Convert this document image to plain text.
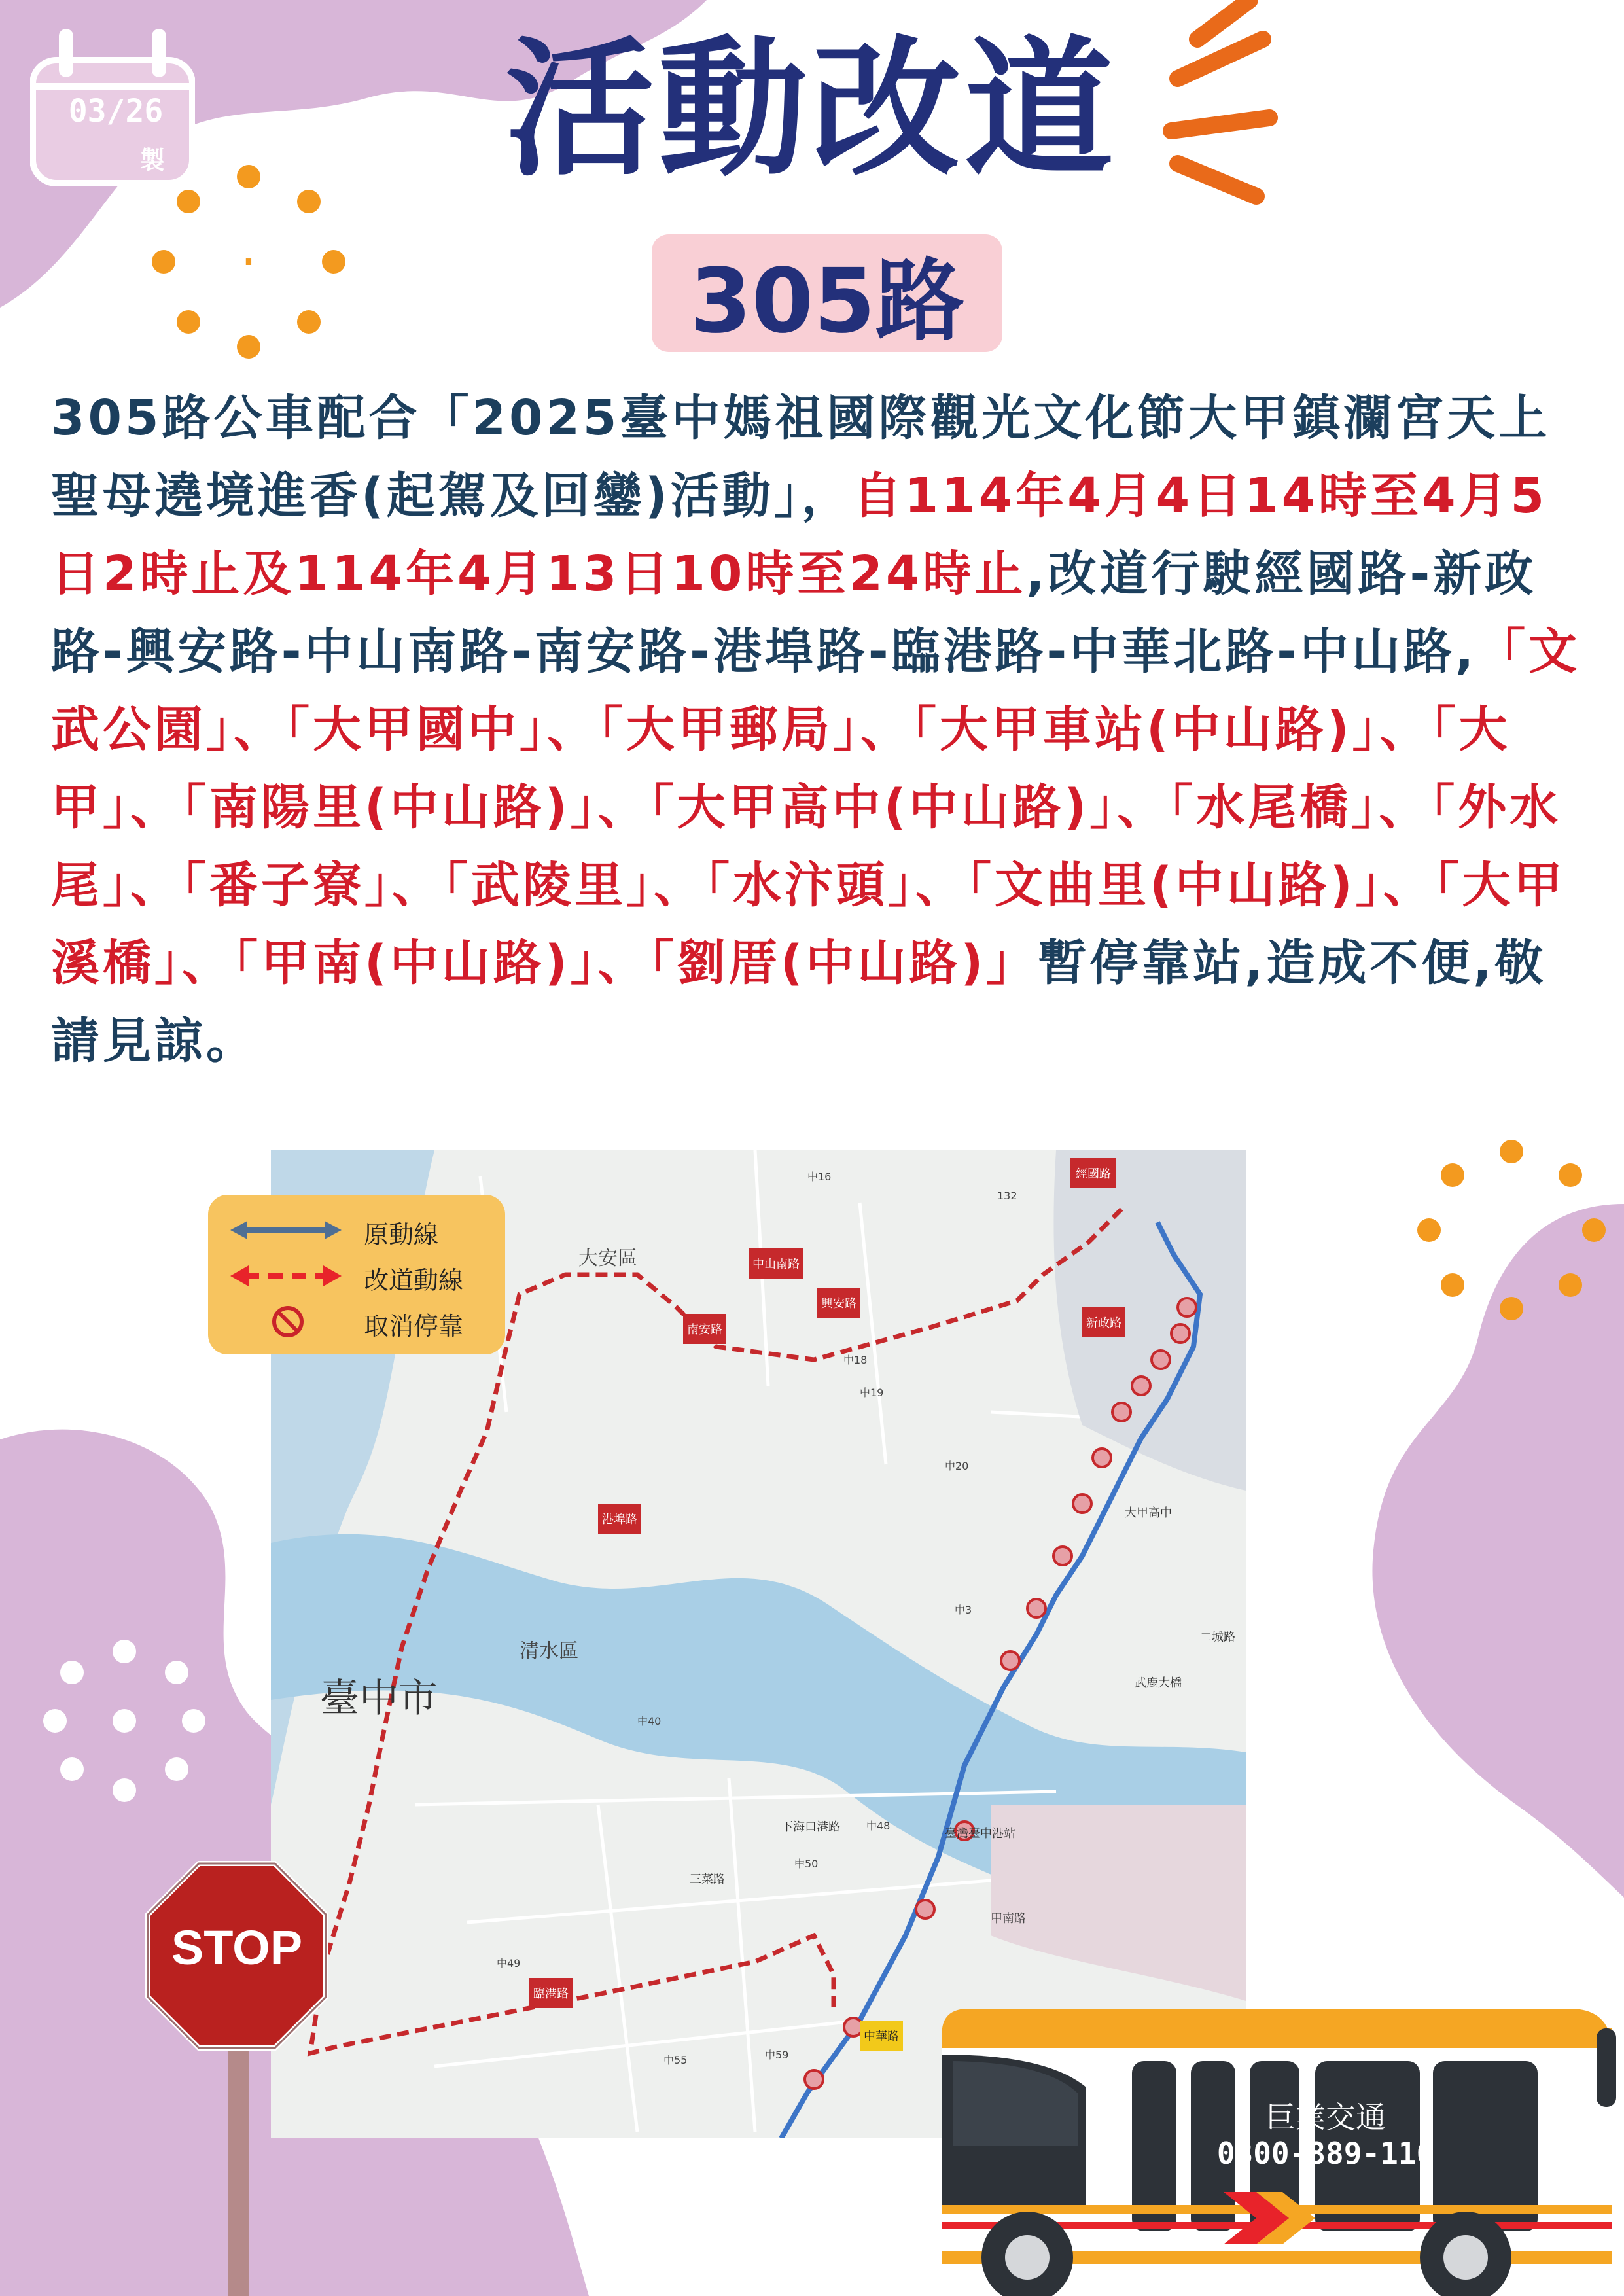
03/26
製
·
活動改道
305路
305路公車配合「2025臺中媽祖國際觀光文化節大甲鎮瀾宮天上聖母遶境進香(起駕及回鑾)活動」，自114年4月4日14時至4月5日2時止及114年4月13日10時至24時止,改道行駛經國路-新政路-興安路-中山南路-南安路-港埠路-臨港路-中華北路-中山路,「文武公園」、「大甲國中」、「大甲郵局」、「大甲車站(中山路)」、「大甲」、「南陽里(中山路)」、「大甲高中(中山路)」、「水尾橋」、「外水尾」、「番子寮」、「武陵里」、「水汴頭」、「文曲里(中山路)」、「大甲溪橋」、「甲南(中山路)」、「劉厝(中山路)」暫停靠站,造成不便,敬請見諒。
經國路
中山南路
興安路
南安路	新政路
港埠路
臨港路
中華路
大安區
清水區
臺中市
中16
132
中19
中18
中20
中3
中40
中48
中50
中49
中59
中55
臺灣臺中港站
大甲高中
二城路
武鹿大橋
下海口港路
三菜路
甲南路
原動線
改道動線
取消停靠
STOP
巨業交通
0800-889-116
